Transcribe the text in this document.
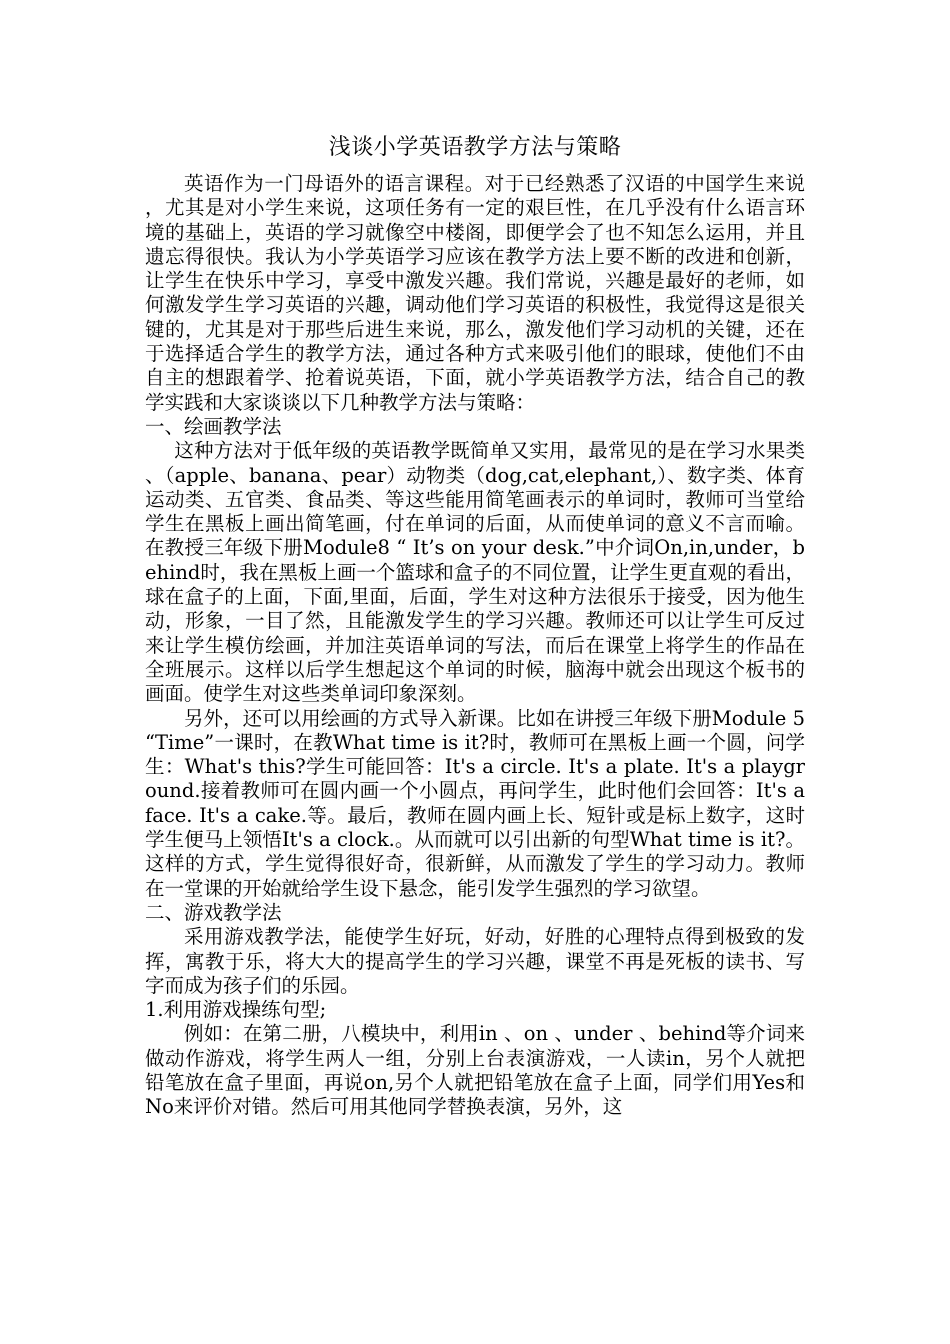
浅谈小学英语教学方法与策略

英语作为一门母语外的语言课程。对于已经熟悉了汉语的中国学生来说，尤其是对小学生来说，这项任务有一定的艰巨性，在几乎没有什么语言环境的基础上，英语的学习就像空中楼阁，即便学会了也不知怎么运用，并且遗忘得很快。我认为小学英语学习应该在教学方法上要不断的改进和创新，让学生在快乐中学习，享受中激发兴趣。我们常说，兴趣是最好的老师，如何激发学生学习英语的兴趣，调动他们学习英语的积极性，我觉得这是很关键的，尤其是对于那些后进生来说，那么，激发他们学习动机的关键，还在于选择适合学生的教学方法，通过各种方式来吸引他们的眼球，使他们不由自主的想跟着学、抢着说英语，下面，就小学英语教学方法，结合自己的教学实践和大家谈谈以下几种教学方法与策略：

一、绘画教学法

这种方法对于低年级的英语教学既简单又实用，最常见的是在学习水果类、（apple、banana、pear）动物类（dog,cat,elephant,）、数字类、体育运动类、五官类、食品类、等这些能用简笔画表示的单词时，教师可当堂给学生在黑板上画出简笔画，付在单词的后面，从而使单词的意义不言而喻。在教授三年级下册Module8 “ It’s on your desk.”中介词On,in,under，behind时，我在黑板上画一个篮球和盒子的不同位置，让学生更直观的看出，球在盒子的上面，下面,里面，后面，学生对这种方法很乐于接受，因为他生动，形象，一目了然，且能激发学生的学习兴趣。教师还可以让学生可反过来让学生模仿绘画，并加注英语单词的写法，而后在课堂上将学生的作品在全班展示。这样以后学生想起这个单词的时候，脑海中就会出现这个板书的画面。使学生对这些类单词印象深刻。

另外，还可以用绘画的方式导入新课。比如在讲授三年级下册Module 5 “Time”一课时，在教What time is it?时，教师可在黑板上画一个圆，问学生：What's this?学生可能回答：It's a circle. It's a plate. It's a playground.接着教师可在圆内画一个小圆点，再问学生，此时他们会回答：It's a face. It's a cake.等。最后，教师在圆内画上长、短针或是标上数字，这时学生便马上领悟It's a clock.。从而就可以引出新的句型What time is it?。这样的方式，学生觉得很好奇，很新鲜，从而激发了学生的学习动力。教师在一堂课的开始就给学生设下悬念，能引发学生强烈的学习欲望。

二、游戏教学法

采用游戏教学法，能使学生好玩，好动，好胜的心理特点得到极致的发挥，寓教于乐，将大大的提高学生的学习兴趣，课堂不再是死板的读书、写字而成为孩子们的乐园。

1.利用游戏操练句型;

例如：在第二册，八模块中，利用in 、on 、under 、behind等介词来做动作游戏，将学生两人一组，分别上台表演游戏，一人读in，另个人就把铅笔放在盒子里面，再说on,另个人就把铅笔放在盒子上面，同学们用Yes和No来评价对错。然后可用其他同学替换表演，另外，这
